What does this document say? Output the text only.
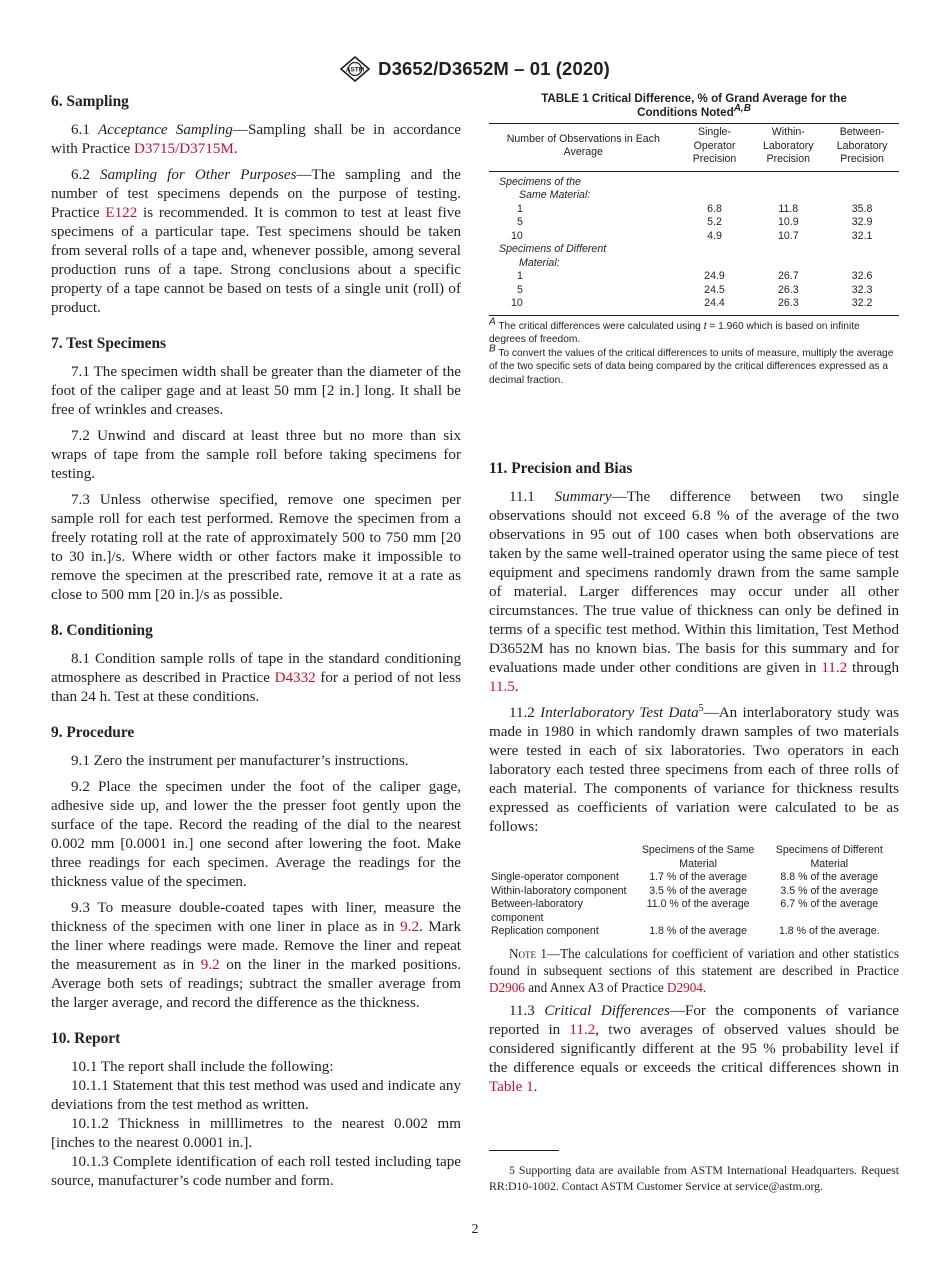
ASTM D3652/D3652M – 01 (2020)
6. Sampling

6.1 Acceptance Sampling—Sampling shall be in accordance with Practice D3715/D3715M.

6.2 Sampling for Other Purposes—The sampling and the number of test specimens depends on the purpose of testing. Practice E122 is recommended. It is common to test at least five specimens of a particular tape. Test specimens should be taken from several rolls of a tape and, whenever possible, among several production runs of a tape. Strong conclusions about a specific property of a tape cannot be based on tests of a single unit (roll) of product.

7. Test Specimens

7.1 The specimen width shall be greater than the diameter of the foot of the caliper gage and at least 50 mm [2 in.] long. It shall be free of wrinkles and creases.

7.2 Unwind and discard at least three but no more than six wraps of tape from the sample roll before taking specimens for testing.

7.3 Unless otherwise specified, remove one specimen per sample roll for each test performed. Remove the specimen from a freely rotating roll at the rate of approximately 500 to 750 mm [20 to 30 in.]/s. Where width or other factors make it impossible to remove the specimen at the prescribed rate, remove it at a rate as close to 500 mm [20 in.]/s as possible.

8. Conditioning

8.1 Condition sample rolls of tape in the standard conditioning atmosphere as described in Practice D4332 for a period of not less than 24 h. Test at these conditions.

9. Procedure

9.1 Zero the instrument per manufacturer’s instructions.

9.2 Place the specimen under the foot of the caliper gage, adhesive side up, and lower the the presser foot gently upon the surface of the tape. Record the reading of the dial to the nearest 0.002 mm [0.0001 in.] one second after lowering the foot. Make three readings for each specimen. Average the readings for the thickness value of the specimen.

9.3 To measure double-coated tapes with liner, measure the thickness of the specimen with one liner in place as in 9.2. Mark the liner where readings were made. Remove the liner and repeat the measurement as in 9.2 on the liner in the marked positions. Average both sets of readings; subtract the smaller average from the larger average, and record the difference as the thickness.

10. Report

10.1 The report shall include the following:

10.1.1 Statement that this test method was used and indicate any deviations from the test method as written.

10.1.2 Thickness in milllimetres to the nearest 0.002 mm [inches to the nearest 0.0001 in.].

10.1.3 Complete identification of each roll tested including tape source, manufacturer’s code number and form.

TABLE 1 Critical Difference, % of Grand Average for the
Conditions Noted$^{A,B}$
Number of Observations in Each Average	Single-Operator Precision	Within-Laboratory Precision	Between-Laboratory Precision
Specimens of the			
Same Material:			
1	6.8	11.8	35.8
5	5.2	10.9	32.9
10	4.9	10.7	32.1
Specimens of Different			
Material:			
1	24.9	26.7	32.6
5	24.5	26.3	32.3
10	24.4	26.3	32.2
$^A$ The critical differences were calculated using t = 1.960 which is based on infinite degrees of freedom.
$^B$ To convert the values of the critical differences to units of measure, multiply the average of the two specific sets of data being compared by the critical differences expressed as a decimal fraction.
11. Precision and Bias

11.1 Summary—The difference between two single observations should not exceed 6.8 % of the average of the two observations in 95 out of 100 cases when both observations are taken by the same well-trained operator using the same piece of test equipment and specimens randomly drawn from the same sample of material. Larger differences may occur under all other circumstances. The true value of thickness can only be defined in terms of a specific test method. Within this limitation, Test Method D3652M has no known bias. The basis for this summary and for evaluations made under other conditions are given in 11.2 through 11.5.

11.2 Interlaboratory Test Data$^5$—An interlaboratory study was made in 1980 in which randomly drawn samples of two materials were tested in each of six laboratories. Two operators in each laboratory each tested three specimens from each of three rolls of each material. The components of variance for thickness results expressed as coefficients of variation were calculated to be as follows:

	Specimens of the Same Material	Specimens of Different Material
Single-operator component	1.7 % of the average	8.8 % of the average
Within-laboratory component	3.5 % of the average	3.5 % of the average
Between-laboratory component	11.0 % of the average	6.7 % of the average
Replication component	1.8 % of the average	1.8 % of the average.
Note 1—The calculations for coefficient of variation and other statistics found in subsequent sections of this statement are described in Practice D2906 and Annex A3 of Practice D2904.

11.3 Critical Differences—For the components of variance reported in 11.2, two averages of observed values should be considered significantly different at the 95 % probability level if the difference equals or exceeds the critical differences shown in Table 1.

5 Supporting data are available from ASTM International Headquarters. Request RR:D10-1002. Contact ASTM Customer Service at service@astm.org.
2
